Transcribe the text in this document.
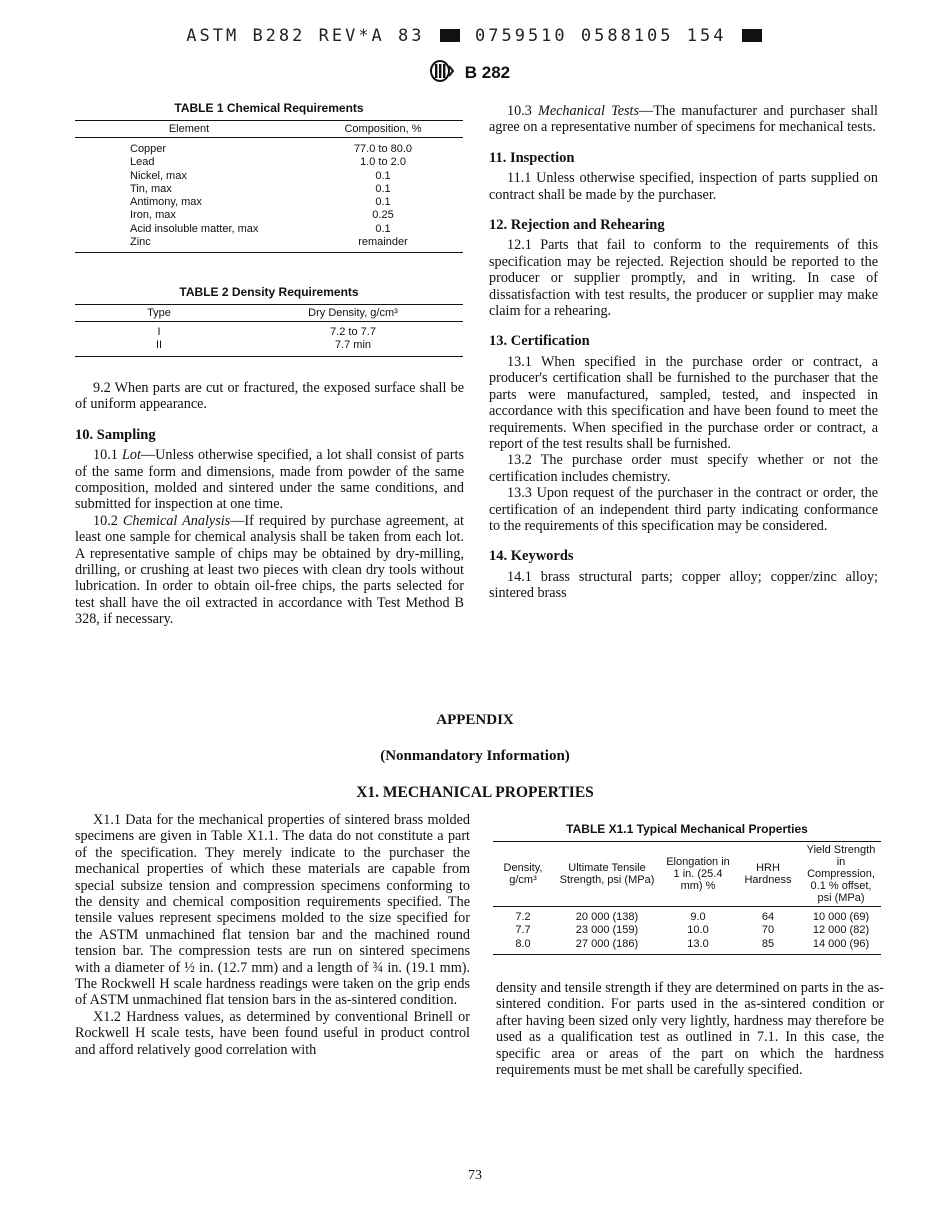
ASTM B282 REV*A 83	0759510 0588105 154
B 282
TABLE 1 Chemical Requirements
Element	Composition, %
Copper	77.0 to 80.0
Lead	1.0 to 2.0
Nickel, max	0.1
Tin, max	0.1
Antimony, max	0.1
Iron, max	0.25
Acid insoluble matter, max	0.1
Zinc	remainder
TABLE 2 Density Requirements
Type	Dry Density, g/cm³
I	7.2 to 7.7
II	7.7 min

9.2 When parts are cut or fractured, the exposed surface shall be of uniform appearance.

10. Sampling

10.1 Lot—Unless otherwise specified, a lot shall consist of parts of the same form and dimensions, made from powder of the same composition, molded and sintered under the same conditions, and submitted for inspection at one time.

10.2 Chemical Analysis—If required by purchase agreement, at least one sample for chemical analysis shall be taken from each lot. A representative sample of chips may be obtained by dry-milling, drilling, or crushing at least two pieces with clean dry tools without lubrication. In order to obtain oil-free chips, the parts selected for test shall have the oil extracted in accordance with Test Method B 328, if necessary.

10.3 Mechanical Tests—The manufacturer and purchaser shall agree on a representative number of specimens for mechanical tests.

11. Inspection

11.1 Unless otherwise specified, inspection of parts supplied on contract shall be made by the purchaser.

12. Rejection and Rehearing

12.1 Parts that fail to conform to the requirements of this specification may be rejected. Rejection should be reported to the producer or supplier promptly, and in writing. In case of dissatisfaction with test results, the producer or supplier may make claim for a rehearing.

13. Certification

13.1 When specified in the purchase order or contract, a producer's certification shall be furnished to the purchaser that the parts were manufactured, sampled, tested, and inspected in accordance with this specification and have been found to meet the requirements. When specified in the purchase order or contract, a report of the test results shall be furnished.

13.2 The purchase order must specify whether or not the certification includes chemistry.

13.3 Upon request of the purchaser in the contract or order, the certification of an independent third party indicating conformance to the requirements of this specification may be considered.

14. Keywords

14.1 brass structural parts; copper alloy; copper/zinc alloy; sintered brass

APPENDIX
(Nonmandatory Information)
X1. MECHANICAL PROPERTIES

X1.1 Data for the mechanical properties of sintered brass molded specimens are given in Table X1.1. The data do not constitute a part of the specification. They merely indicate to the purchaser the mechanical properties of which these materials are capable from special subsize tension and compression specimens conforming to the density and chemical composition requirements specified. The tensile values represent specimens molded to the size specified for the ASTM unmachined flat tension bar and the machined round tension bar. The compression tests are run on sintered specimens with a diameter of ½ in. (12.7 mm) and a length of ¾ in. (19.1 mm). The Rockwell H scale hardness readings were taken on the grip ends of ASTM unmachined flat tension bars in the as-sintered condition.

X1.2 Hardness values, as determined by conventional Brinell or Rockwell H scale tests, have been found useful in product control and afford relatively good correlation with

TABLE X1.1 Typical Mechanical Properties
Density, g/cm³	Ultimate Tensile Strength, psi (MPa)	Elongation in 1 in. (25.4 mm) %	HRH Hardness	Yield Strength in Compression, 0.1 % offset, psi (MPa)
7.2	20 000 (138)	9.0	64	10 000 (69)
7.7	23 000 (159)	10.0	70	12 000 (82)
8.0	27 000 (186)	13.0	85	14 000 (96)

density and tensile strength if they are determined on parts in the as-sintered condition. For parts used in the as-sintered condition or after having been sized only very lightly, hardness may therefore be used as a qualification test as outlined in 7.1. In this case, the specific area or areas of the part on which the hardness requirements must be met shall be carefully specified.

73
